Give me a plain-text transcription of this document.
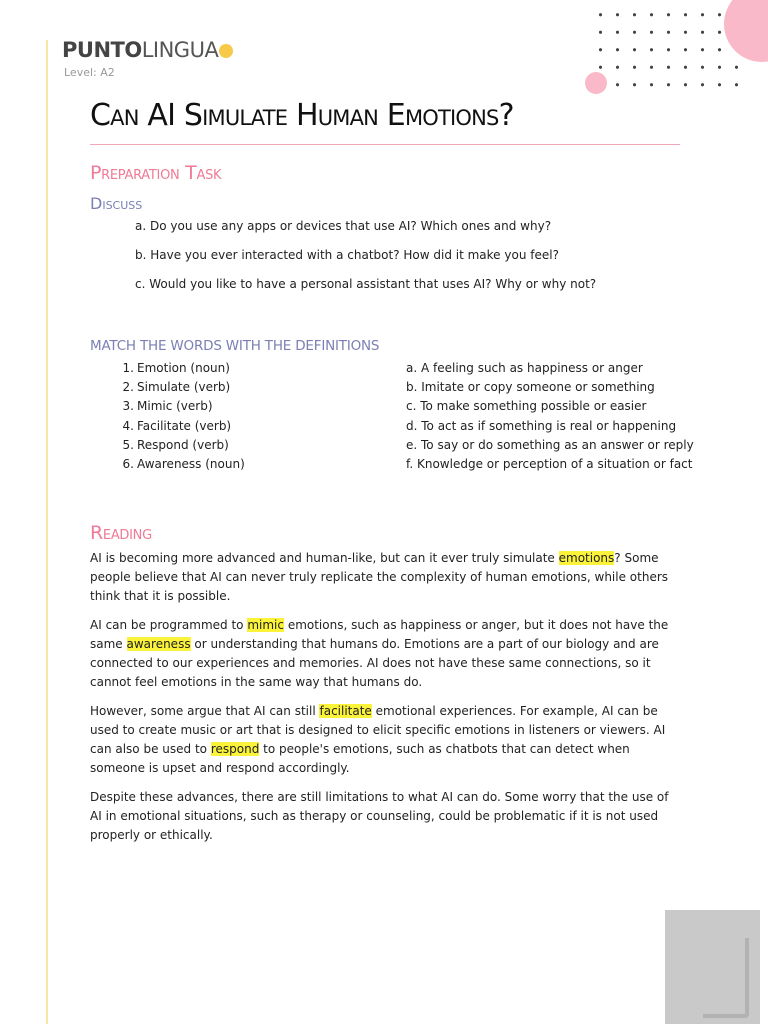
PUNTOLINGUA
Level: A2
Can AI Simulate Human Emotions?
Preparation Task
Discuss
a. Do you use any apps or devices that use AI? Which ones and why?
b. Have you ever interacted with a chatbot? How did it make you feel?
c. Would you like to have a personal assistant that uses AI? Why or why not?
MATCH THE WORDS WITH THE DEFINITIONS
1. Emotion (noun)
2. Simulate (verb)
3. Mimic (verb)
4. Facilitate (verb)
5. Respond (verb)
6. Awareness (noun)
a. A feeling such as happiness or anger
b. Imitate or copy someone or something
c. To make something possible or easier
d. To act as if something is real or happening
e. To say or do something as an answer or reply
f. Knowledge or perception of a situation or fact
Reading

AI is becoming more advanced and human-like, but can it ever truly simulate emotions? Some people believe that AI can never truly replicate the complexity of human emotions, while others think that it is possible.

AI can be programmed to mimic emotions, such as happiness or anger, but it does not have the same awareness or understanding that humans do. Emotions are a part of our biology and are connected to our experiences and memories. AI does not have these same connections, so it cannot feel emotions in the same way that humans do.

However, some argue that AI can still facilitate emotional experiences. For example, AI can be used to create music or art that is designed to elicit specific emotions in listeners or viewers. AI can also be used to respond to people's emotions, such as chatbots that can detect when someone is upset and respond accordingly.

Despite these advances, there are still limitations to what AI can do. Some worry that the use of AI in emotional situations, such as therapy or counseling, could be problematic if it is not used properly or ethically.
